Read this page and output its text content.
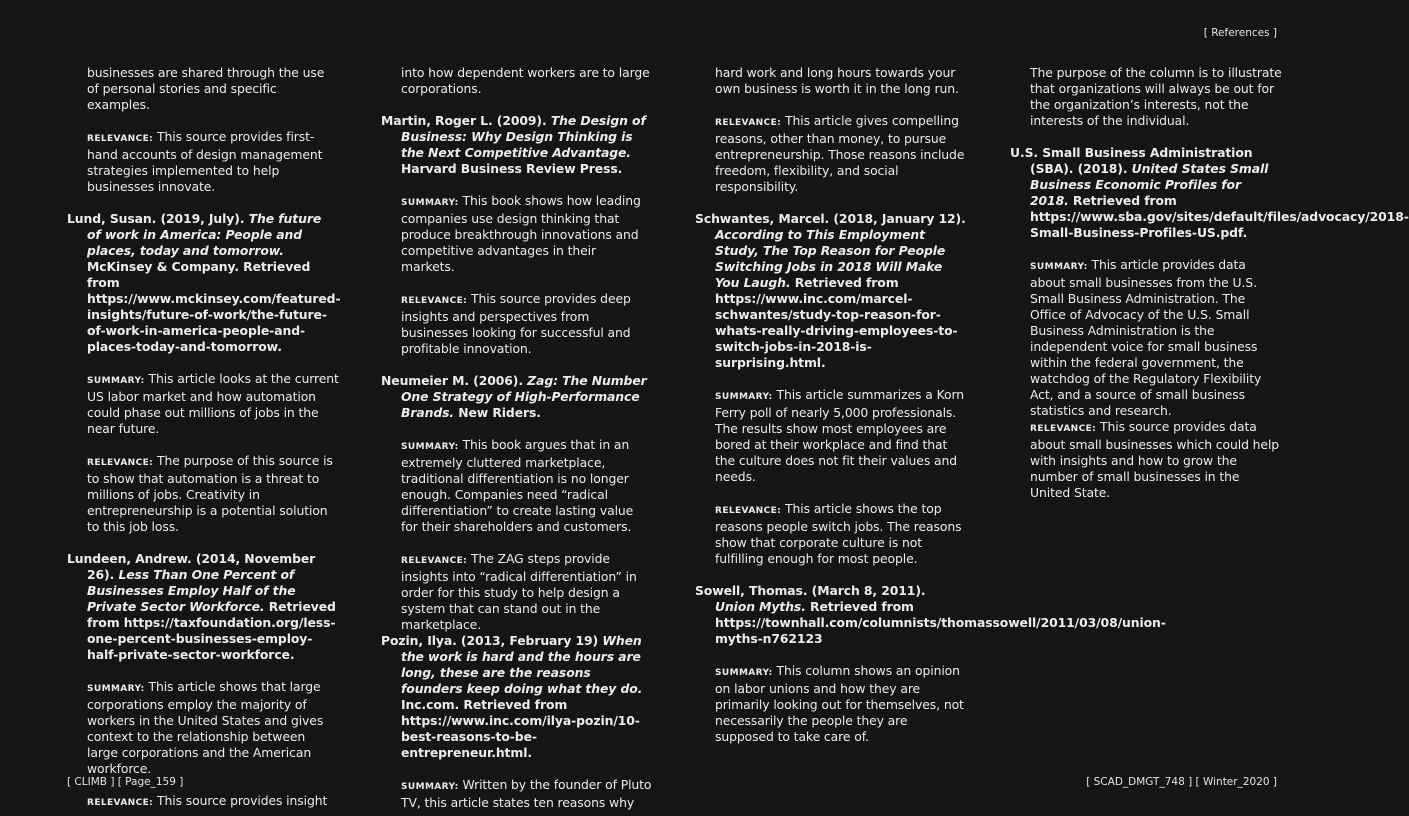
[ References ]
businesses are shared through the use of personal stories and specific examples.
RELEVANCE: This source provides first-hand accounts of design management strategies implemented to help businesses innovate.
Lund, Susan. (2019, July). The future of work in America: People and places, today and tomorrow. McKinsey & Company. Retrieved from https://www.mckinsey.com/featured-insights/future-of-work/the-future-of-work-in-america-people-and-places-today-and-tomorrow.
SUMMARY: This article looks at the current US labor market and how automation could phase out millions of jobs in the near future.
RELEVANCE: The purpose of this source is to show that automation is a threat to millions of jobs. Creativity in entrepreneurship is a potential solution to this job loss.
Lundeen, Andrew. (2014, November 26). Less Than One Percent of Businesses Employ Half of the Private Sector Workforce. Retrieved from https://taxfoundation.org/less-one-percent-businesses-employ-half-private-sector-workforce.
SUMMARY: This article shows that large corporations employ the majority of workers in the United States and gives context to the relationship between large corporations and the American workforce.
RELEVANCE: This source provides insight
into how dependent workers are to large corporations.
Martin, Roger L. (2009). The Design of Business: Why Design Thinking is the Next Competitive Advantage. Harvard Business Review Press.
SUMMARY: This book shows how leading companies use design thinking that produce breakthrough innovations and competitive advantages in their markets.
RELEVANCE: This source provides deep insights and perspectives from businesses looking for successful and profitable innovation.
Neumeier M. (2006). Zag: The Number One Strategy of High-Performance Brands. New Riders.
SUMMARY: This book argues that in an extremely cluttered marketplace, traditional differentiation is no longer enough. Companies need “radical differentiation” to create lasting value for their shareholders and customers.
RELEVANCE: The ZAG steps provide insights into “radical differentiation” in order for this study to help design a system that can stand out in the marketplace.
Pozin, Ilya. (2013, February 19) When the work is hard and the hours are long, these are the reasons founders keep doing what they do. Inc.com. Retrieved from https://www.inc.com/ilya-pozin/10-best-reasons-to-be-entrepreneur.html.
SUMMARY: Written by the founder of Pluto TV, this article states ten reasons why
hard work and long hours towards your own business is worth it in the long run.
RELEVANCE: This article gives compelling reasons, other than money, to pursue entrepreneurship. Those reasons include freedom, flexibility, and social responsibility.
Schwantes, Marcel. (2018, January 12). According to This Employment Study, The Top Reason for People Switching Jobs in 2018 Will Make You Laugh. Retrieved from https://www.inc.com/marcel-schwantes/study-top-reason-for-whats-really-driving-employees-to-switch-jobs-in-2018-is-surprising.html.
SUMMARY: This article summarizes a Korn Ferry poll of nearly 5,000 professionals. The results show most employees are bored at their workplace and find that the culture does not fit their values and needs.
RELEVANCE: This article shows the top reasons people switch jobs. The reasons show that corporate culture is not fulfilling enough for most people.
Sowell, Thomas. (March 8, 2011). Union Myths. Retrieved from https://townhall.com/columnists/thomassowell/2011/03/08/union-myths-n762123
SUMMARY: This column shows an opinion on labor unions and how they are primarily looking out for themselves, not necessarily the people they are supposed to take care of.
The purpose of the column is to illustrate that organizations will always be out for the organization’s interests, not the interests of the individual.
U.S. Small Business Administration (SBA). (2018). United States Small Business Economic Profiles for 2018. Retrieved from https://www.sba.gov/sites/default/files/advocacy/2018-Small-Business-Profiles-US.pdf.
SUMMARY: This article provides data about small businesses from the U.S. Small Business Administration. The Office of Advocacy of the U.S. Small Business Administration is the independent voice for small business within the federal government, the watchdog of the Regulatory Flexibility Act, and a source of small business statistics and research.
RELEVANCE: This source provides data about small businesses which could help with insights and how to grow the number of small businesses in the United State.
[ CLIMB ] [ Page_159 ]	[ SCAD_DMGT_748 ] [ Winter_2020 ]
